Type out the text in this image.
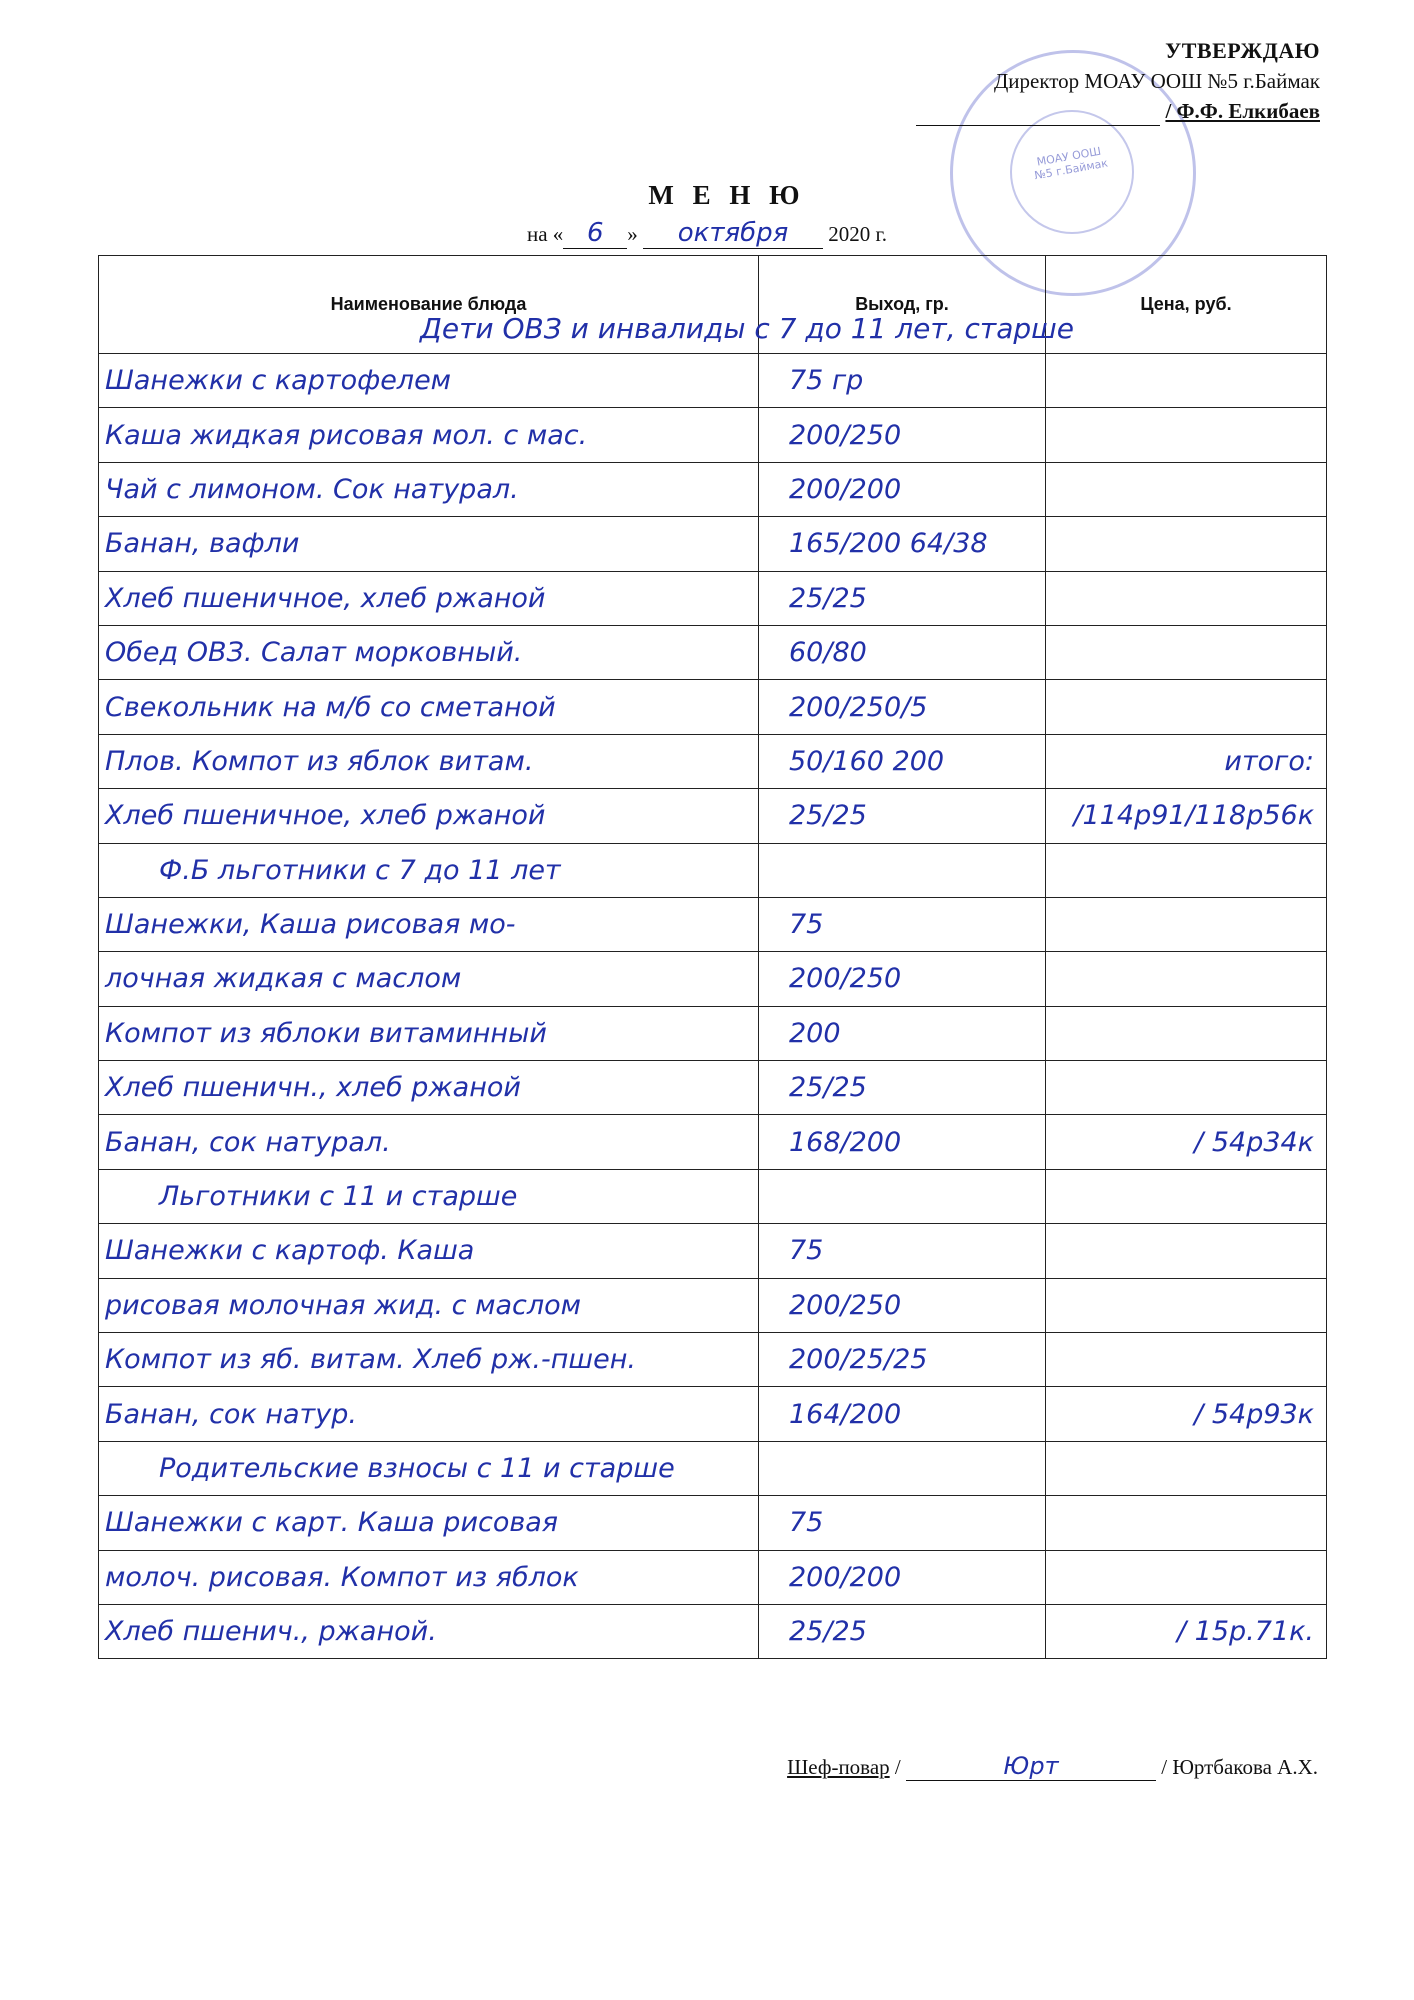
МОАУ ООШ №5 г.Баймак
УТВЕРЖДАЮ
Директор МОАУ ООШ №5 г.Баймак
/ Ф.Ф. Елкибаев
М Е Н Ю
на « 6 » октября 2020 г.
Наименование блюда	Выход, гр.	Цена, руб.
Шанежки с картофелем	75 гр	
Каша жидкая рисовая мол. с мас.	200/250	
Чай с лимоном. Сок натурал.	200/200	
Банан, вафли	165/200 64/38	
Хлеб пшеничное, хлеб ржаной	25/25	
Обед ОВЗ. Салат морковный.	60/80	
Свекольник на м/б со сметаной	200/250/5	
Плов. Компот из яблок витам.	50/160 200	итого:
Хлеб пшеничное, хлеб ржаной	25/25	/114р91/118р56к
Ф.Б льготники с 7 до 11 лет		
Шанежки, Каша рисовая мо-	75	
лочная жидкая с маслом	200/250	
Компот из яблоки витаминный	200	
Хлеб пшеничн., хлеб ржаной	25/25	
Банан, сок натурал.	168/200	/ 54р34к
Льготники с 11 и старше		
Шанежки с картоф. Каша	75	
рисовая молочная жид. с маслом	200/250	
Компот из яб. витам. Хлеб рж.-пшен.	200/25/25	
Банан, сок натур.	164/200	/ 54р93к
Родительские взносы с 11 и старше		
Шанежки с карт. Каша рисовая	75	
молоч. рисовая. Компот из яблок	200/200	
Хлеб пшенич., ржаной.	25/25	/ 15р.71к.
Дети ОВЗ и инвалиды с 7 до 11 лет, старше
Шеф-повар /	Юрт	/ Юртбакова А.Х.
